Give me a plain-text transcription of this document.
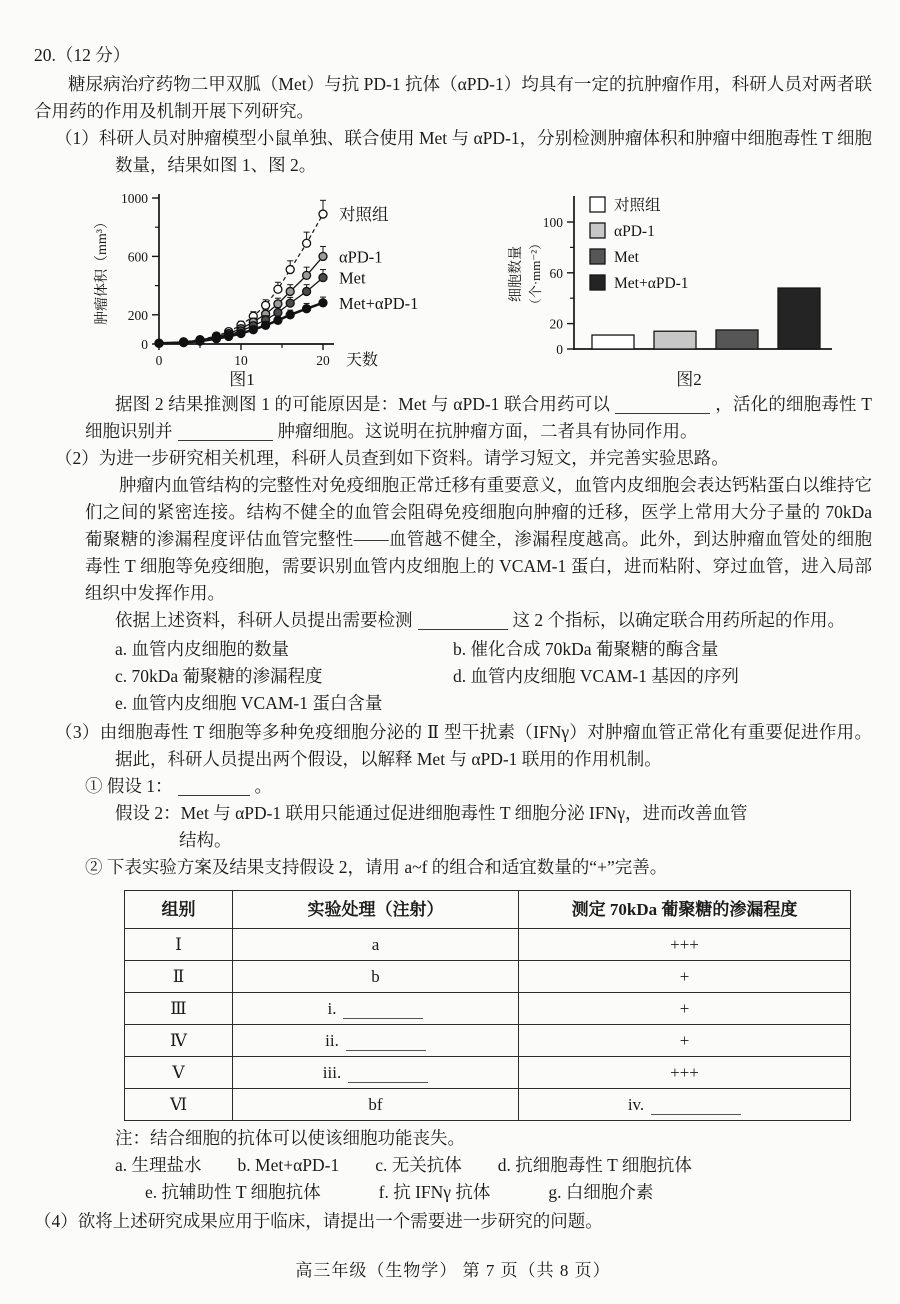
20.（12 分）

糖尿病治疗药物二甲双胍（Met）与抗 PD-1 抗体（αPD-1）均具有一定的抗肿瘤作用，科研人员对两者联合用药的作用及机制开展下列研究。

（1）科研人员对肿瘤模型小鼠单独、联合使用 Met 与 αPD-1，分别检测肿瘤体积和肿瘤中细胞毒性 T 细胞数量，结果如图 1、图 2。

0
200
600
1000
0	10	20 天数
肿瘤体积（mm³）
对照组
αPD-1
Met
Met+αPD-1
图1
0
20
60
100
细胞数量 （个·mm⁻²）
对照组
αPD-1
Met
Met+αPD-1
图2

据图 2 结果推测图 1 的可能原因是：Met 与 αPD-1 联合用药可以	，活化的细胞毒性 T 细胞识别并	肿瘤细胞。这说明在抗肿瘤方面，二者具有协同作用。

（2）为进一步研究相关机理，科研人员查到如下资料。请学习短文，并完善实验思路。

肿瘤内血管结构的完整性对免疫细胞正常迁移有重要意义，血管内皮细胞会表达钙粘蛋白以维持它们之间的紧密连接。结构不健全的血管会阻碍免疫细胞向肿瘤的迁移，医学上常用大分子量的 70kDa 葡聚糖的渗漏程度评估血管完整性——血管越不健全，渗漏程度越高。此外，到达肿瘤血管处的细胞毒性 T 细胞等免疫细胞，需要识别血管内皮细胞上的 VCAM-1 蛋白，进而粘附、穿过血管，进入局部组织中发挥作用。

依据上述资料，科研人员提出需要检测	这 2 个指标，以确定联合用药所起的作用。

a. 血管内皮细胞的数量	b. 催化合成 70kDa 葡聚糖的酶含量
c. 70kDa 葡聚糖的渗漏程度	d. 血管内皮细胞 VCAM-1 基因的序列
e. 血管内皮细胞 VCAM-1 蛋白含量

（3）由细胞毒性 T 细胞等多种免疫细胞分泌的 Ⅱ 型干扰素（IFNγ）对肿瘤血管正常化有重要促进作用。据此，科研人员提出两个假设，以解释 Met 与 αPD-1 联用的作用机制。

① 假设 1：	。

假设 2：Met 与 αPD-1 联用只能通过促进细胞毒性 T 细胞分泌 IFNγ，进而改善血管

结构。

② 下表实验方案及结果支持假设 2，请用 a~f 的组合和适宜数量的“+”完善。

组别	实验处理（注射）	测定 70kDa 葡聚糖的渗漏程度
Ⅰ	a	+++
Ⅱ	b	+
Ⅲ	i.	+
Ⅳ	ii.	+
Ⅴ	iii.	+++
Ⅵ	bf	iv.

注：结合细胞的抗体可以使该细胞功能丧失。

a. 生理盐水 b. Met+αPD-1 c. 无关抗体 d. 抗细胞毒性 T 细胞抗体
e. 抗辅助性 T 细胞抗体	f. 抗 IFNγ 抗体	g. 白细胞介素

（4）欲将上述研究成果应用于临床，请提出一个需要进一步研究的问题。

高三年级（生物学） 第 7 页（共 8 页）
